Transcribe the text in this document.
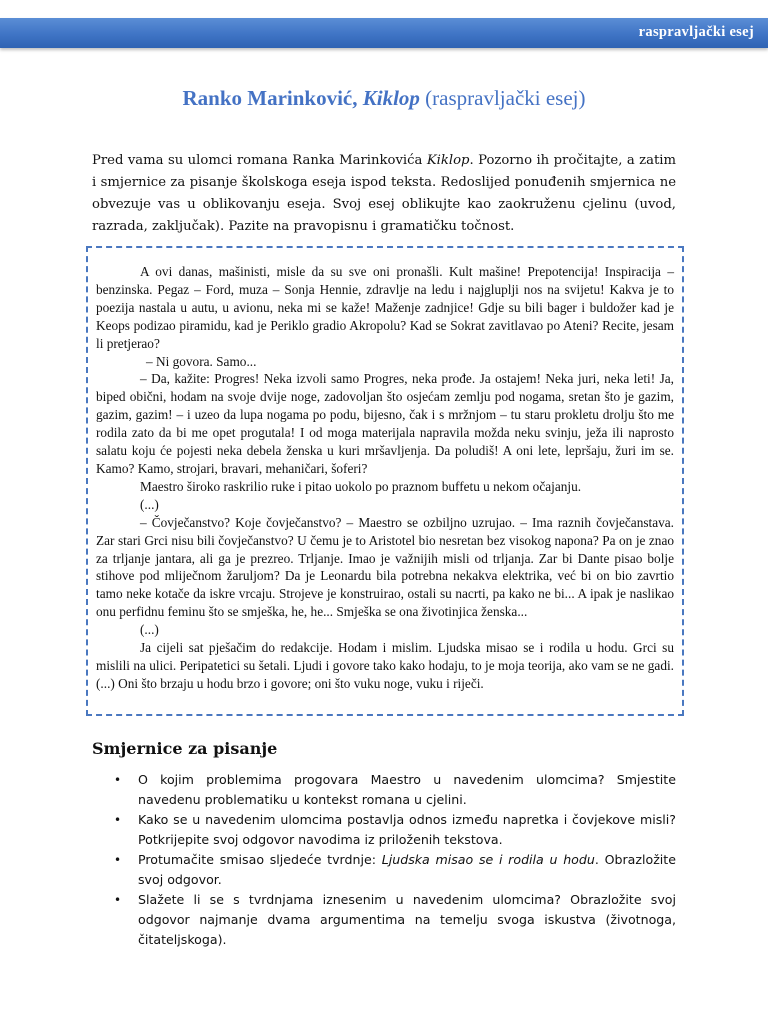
raspravljački esej
Ranko Marinković, Kiklop (raspravljački esej)
Pred vama su ulomci romana Ranka Marinkovića Kiklop. Pozorno ih pročitajte, a zatim i smjernice za pisanje školskoga eseja ispod teksta. Redoslijed ponuđenih smjernica ne obvezuje vas u oblikovanju eseja. Svoj esej oblikujte kao zaokruženu cjelinu (uvod, razrada, zaključak). Pazite na pravopisnu i gramatičku točnost.

A ovi danas, mašinisti, misle da su sve oni pronašli. Kult mašine! Prepotencija! Inspiracija – benzinska. Pegaz – Ford, muza – Sonja Hennie, zdravlje na ledu i najgluplji nos na svijetu! Kakva je to poezija nastala u autu, u avionu, neka mi se kaže! Maženje zadnjice! Gdje su bili bager i buldožer kad je Keops podizao piramidu, kad je Periklo gradio Akropolu? Kad se Sokrat zavitlavao po Ateni? Recite, jesam li pretjerao?

– Ni govora. Samo...

– Da, kažite: Progres! Neka izvoli samo Progres, neka prođe. Ja ostajem! Neka juri, neka leti! Ja, biped obični, hodam na svoje dvije noge, zadovoljan što osjećam zemlju pod nogama, sretan što je gazim, gazim, gazim! – i uzeo da lupa nogama po podu, bijesno, čak i s mržnjom – tu staru prokletu drolju što me rodila zato da bi me opet progutala! I od moga materijala napravila možda neku svinju, ježa ili naprosto salatu koju će pojesti neka debela ženska u kuri mršavljenja. Da poludiš! A oni lete, lepršaju, žuri im se. Kamo? Kamo, strojari, bravari, mehaničari, šoferi?

Maestro široko raskrilio ruke i pitao uokolo po praznom buffetu u nekom očajanju.

(...)

– Čovječanstvo? Koje čovječanstvo? – Maestro se ozbiljno uzrujao. – Ima raznih čovječanstava. Zar stari Grci nisu bili čovječanstvo? U čemu je to Aristotel bio nesretan bez visokog napona? Pa on je znao za trljanje jantara, ali ga je prezreo. Trljanje. Imao je važnijih misli od trljanja. Zar bi Dante pisao bolje stihove pod mliječnom žaruljom? Da je Leonardu bila potrebna nekakva elektrika, već bi on bio zavrtio tamo neke kotače da iskre vrcaju. Strojeve je konstruirao, ostali su nacrti, pa kako ne bi... A ipak je naslikao onu perfidnu feminu što se smješka, he, he... Smješka se ona životinjica ženska...

(...)

Ja cijeli sat pješačim do redakcije. Hodam i mislim. Ljudska misao se i rodila u hodu. Grci su mislili na ulici. Peripatetici su šetali. Ljudi i govore tako kako hodaju, to je moja teorija, ako vam se ne gadi. (...) Oni što brzaju u hodu brzo i govore; oni što vuku noge, vuku i riječi.

Smjernice za pisanje
• O kojim problemima progovara Maestro u navedenim ulomcima? Smjestite navedenu problematiku u kontekst romana u cjelini.
• Kako se u navedenim ulomcima postavlja odnos između napretka i čovjekove misli? Potkrijepite svoj odgovor navodima iz priloženih tekstova.
• Protumačite smisao sljedeće tvrdnje: Ljudska misao se i rodila u hodu. Obrazložite svoj odgovor.
• Slažete li se s tvrdnjama iznesenim u navedenim ulomcima? Obrazložite svoj odgovor najmanje dvama argumentima na temelju svoga iskustva (životnoga, čitateljskoga).
